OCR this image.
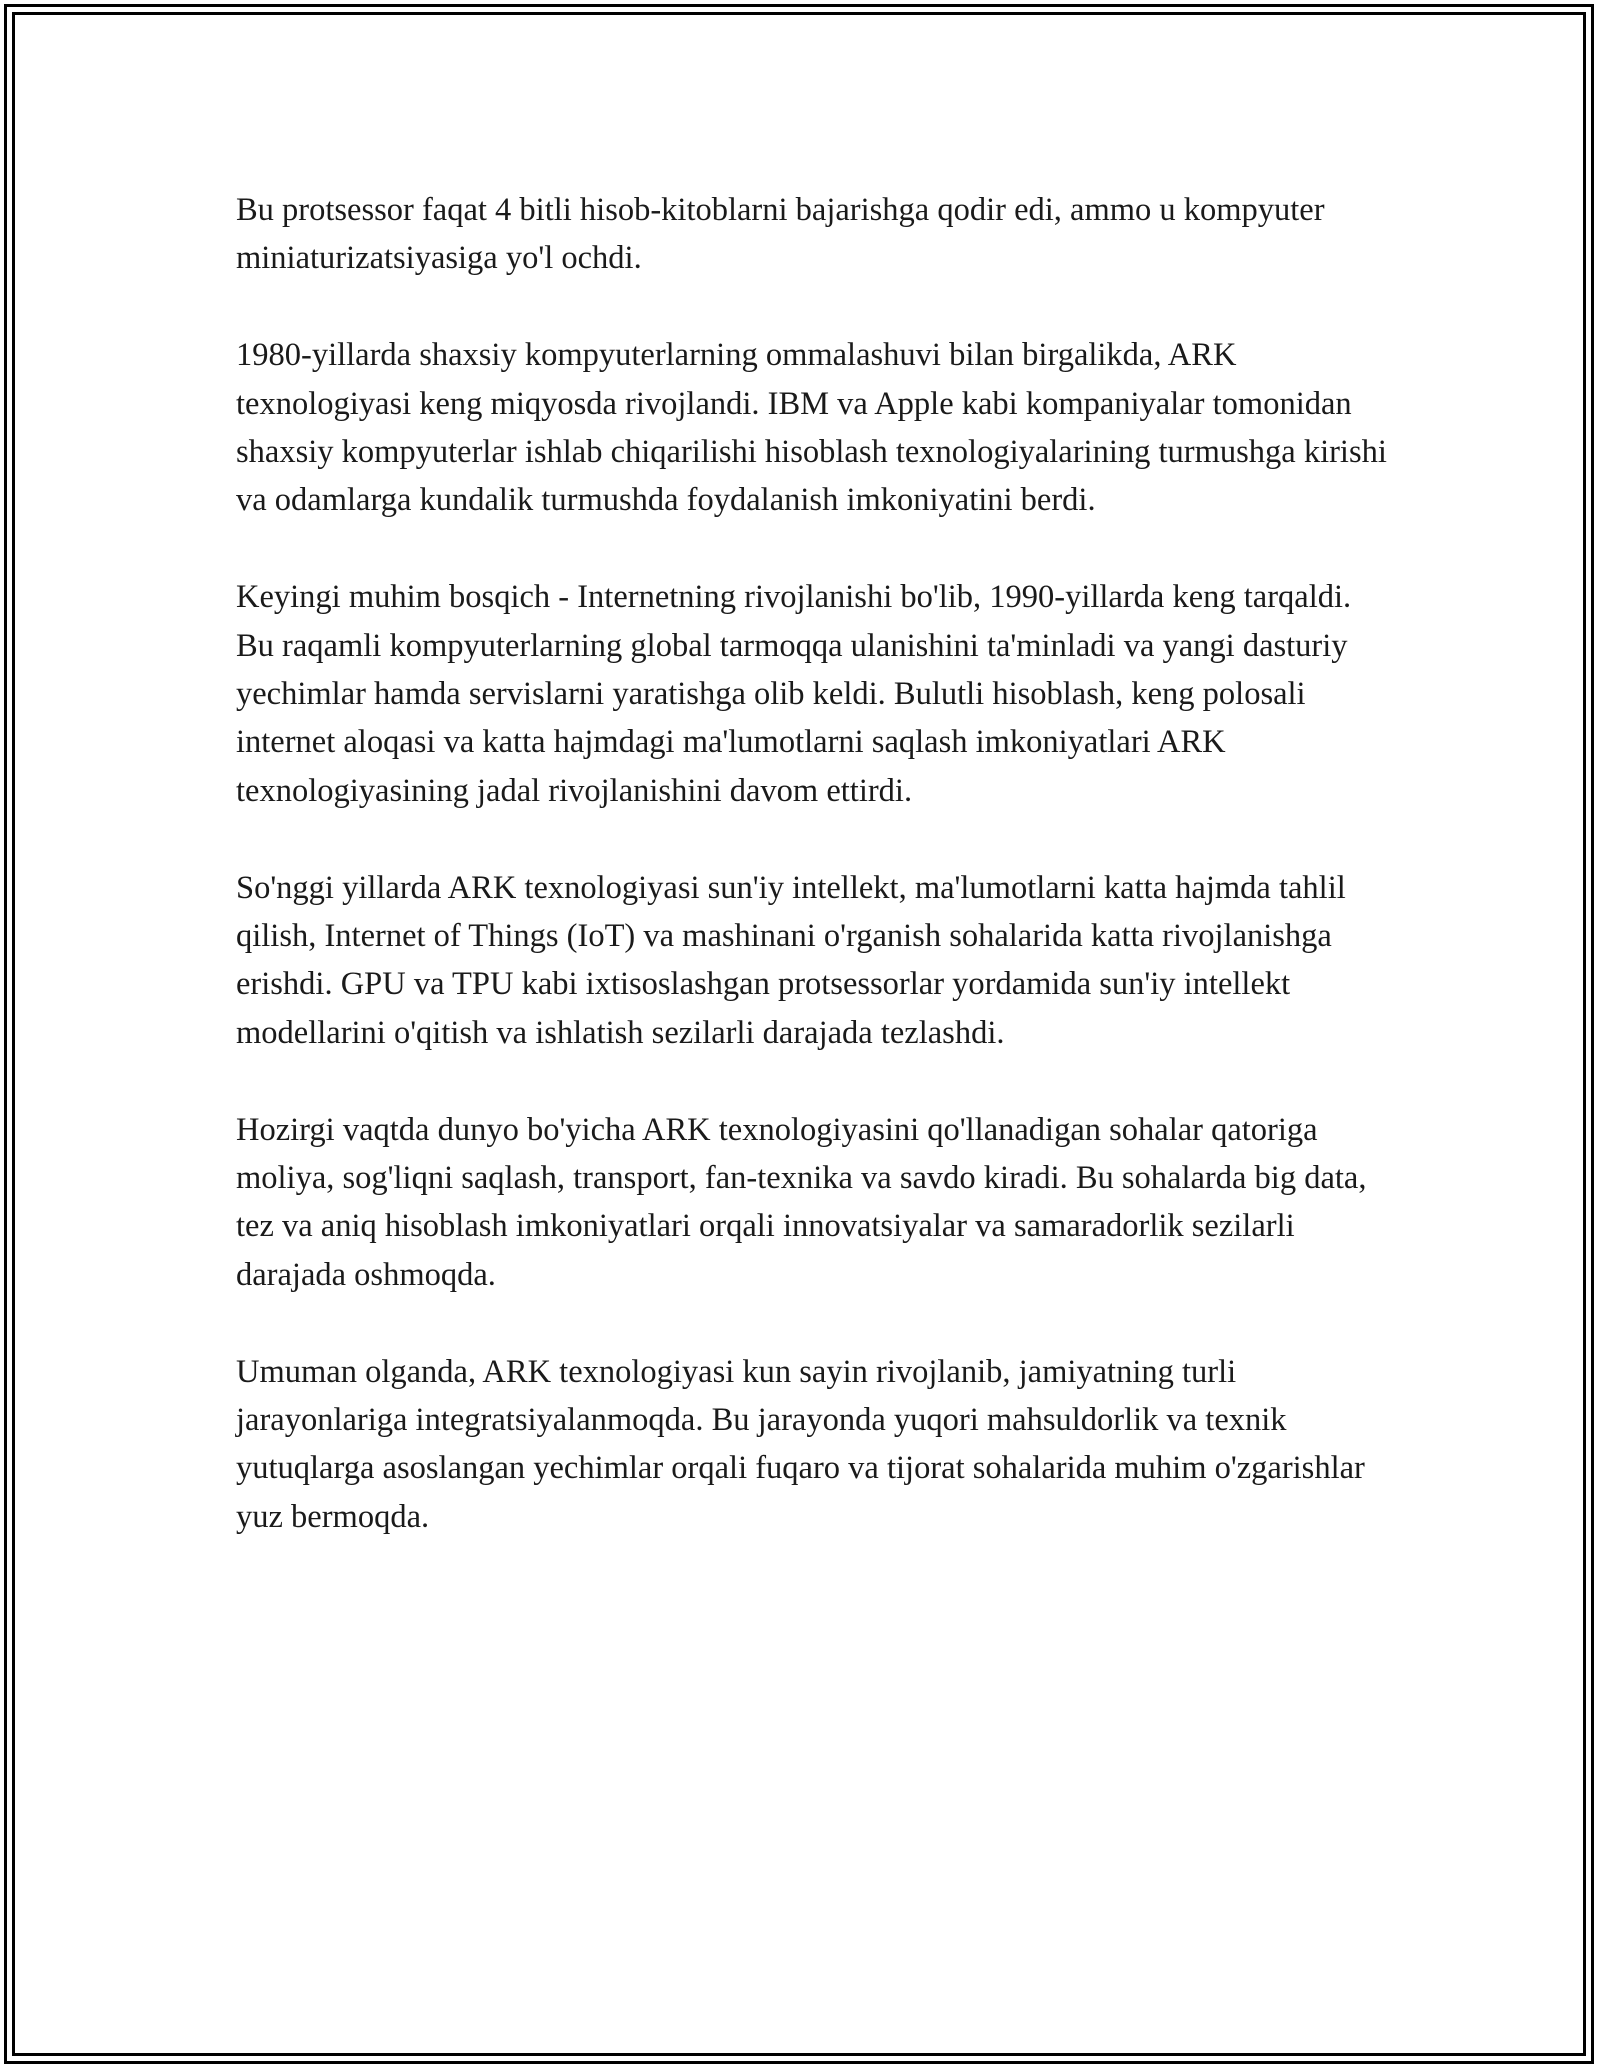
Bu protsessor faqat 4 bitli hisob-kitoblarni bajarishga qodir edi, ammo u kompyuter miniaturizatsiyasiga yo'l ochdi.

1980-yillarda shaxsiy kompyuterlarning ommalashuvi bilan birgalikda, ARK texnologiyasi keng miqyosda rivojlandi. IBM va Apple kabi kompaniyalar tomonidan shaxsiy kompyuterlar ishlab chiqarilishi hisoblash texnologiyalarining turmushga kirishi va odamlarga kundalik turmushda foydalanish imkoniyatini berdi.

Keyingi muhim bosqich - Internetning rivojlanishi bo'lib, 1990-yillarda keng tarqaldi. Bu raqamli kompyuterlarning global tarmoqqa ulanishini ta'minladi va yangi dasturiy yechimlar hamda servislarni yaratishga olib keldi. Bulutli hisoblash, keng polosali internet aloqasi va katta hajmdagi ma'lumotlarni saqlash imkoniyatlari ARK texnologiyasining jadal rivojlanishini davom ettirdi.

So'nggi yillarda ARK texnologiyasi sun'iy intellekt, ma'lumotlarni katta hajmda tahlil qilish, Internet of Things (IoT) va mashinani o'rganish sohalarida katta rivojlanishga erishdi. GPU va TPU kabi ixtisoslashgan protsessorlar yordamida sun'iy intellekt modellarini o'qitish va ishlatish sezilarli darajada tezlashdi.

Hozirgi vaqtda dunyo bo'yicha ARK texnologiyasini qo'llanadigan sohalar qatoriga moliya, sog'liqni saqlash, transport, fan-texnika va savdo kiradi. Bu sohalarda big data, tez va aniq hisoblash imkoniyatlari orqali innovatsiyalar va samaradorlik sezilarli darajada oshmoqda.

Umuman olganda, ARK texnologiyasi kun sayin rivojlanib, jamiyatning turli jarayonlariga integratsiyalanmoqda. Bu jarayonda yuqori mahsuldorlik va texnik yutuqlarga asoslangan yechimlar orqali fuqaro va tijorat sohalarida muhim o'zgarishlar yuz bermoqda.
